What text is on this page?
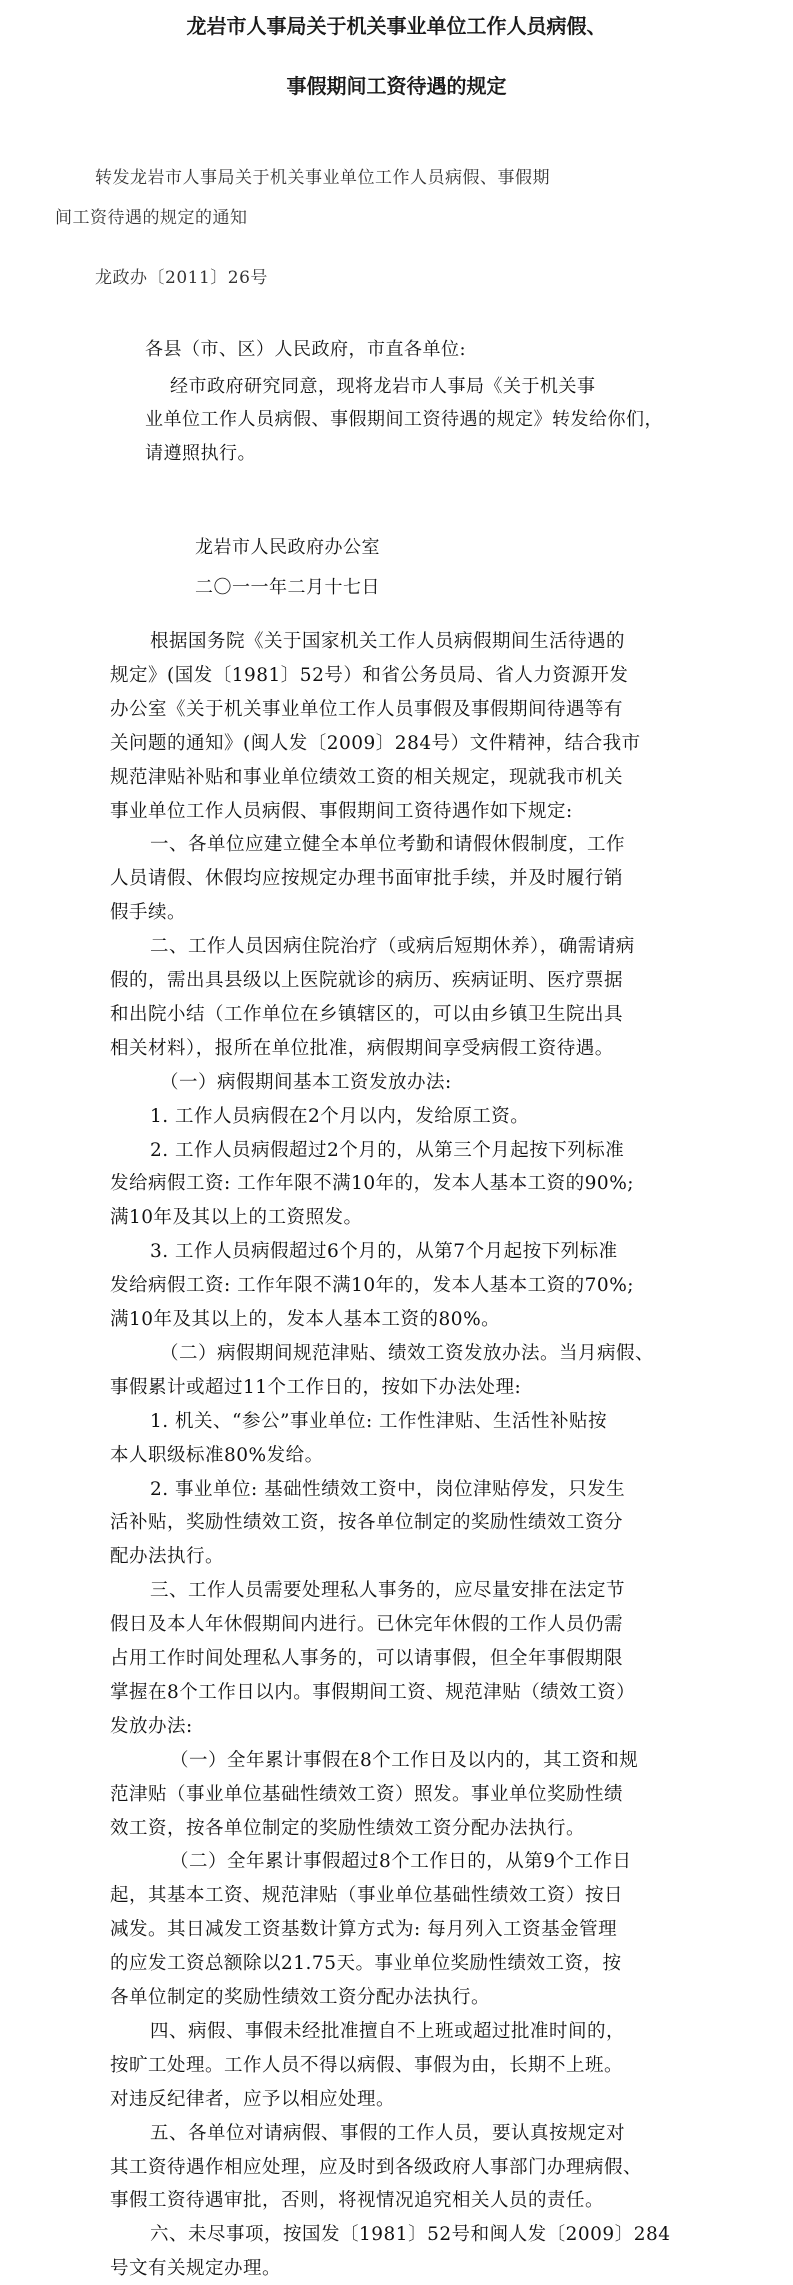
龙岩市人事局关于机关事业单位工作人员病假、
事假期间工资待遇的规定

转发龙岩市人事局关于机关事业单位工作人员病假、事假期

间工资待遇的规定的通知

龙政办〔2011〕26号

各县（市、区）人民政府，市直各单位:

经市政府研究同意，现将龙岩市人事局《关于机关事

业单位工作人员病假、事假期间工资待遇的规定》转发给你们，

请遵照执行。

龙岩市人民政府办公室

二〇一一年二月十七日

根据国务院《关于国家机关工作人员病假期间生活待遇的

规定》(国发〔1981〕52号）和省公务员局、省人力资源开发

办公室《关于机关事业单位工作人员事假及事假期间待遇等有

关问题的通知》(闽人发〔2009〕284号）文件精神，结合我市

规范津贴补贴和事业单位绩效工资的相关规定，现就我市机关

事业单位工作人员病假、事假期间工资待遇作如下规定:

一、各单位应建立健全本单位考勤和请假休假制度，工作

人员请假、休假均应按规定办理书面审批手续，并及时履行销

假手续。

二、工作人员因病住院治疗（或病后短期休养），确需请病

假的，需出具县级以上医院就诊的病历、疾病证明、医疗票据

和出院小结（工作单位在乡镇辖区的，可以由乡镇卫生院出具

相关材料），报所在单位批准，病假期间享受病假工资待遇。

（一）病假期间基本工资发放办法:

1. 工作人员病假在2个月以内，发给原工资。

2. 工作人员病假超过2个月的，从第三个月起按下列标准

发给病假工资: 工作年限不满10年的，发本人基本工资的90%;

满10年及其以上的工资照发。

3. 工作人员病假超过6个月的，从第7个月起按下列标准

发给病假工资: 工作年限不满10年的，发本人基本工资的70%;

满10年及其以上的，发本人基本工资的80%。

（二）病假期间规范津贴、绩效工资发放办法。当月病假、

事假累计或超过11个工作日的，按如下办法处理:

1. 机关、“参公”事业单位: 工作性津贴、生活性补贴按

本人职级标准80%发给。

2. 事业单位: 基础性绩效工资中，岗位津贴停发，只发生

活补贴，奖励性绩效工资，按各单位制定的奖励性绩效工资分

配办法执行。

三、工作人员需要处理私人事务的，应尽量安排在法定节

假日及本人年休假期间内进行。已休完年休假的工作人员仍需

占用工作时间处理私人事务的，可以请事假，但全年事假期限

掌握在8个工作日以内。事假期间工资、规范津贴（绩效工资）

发放办法:

（一）全年累计事假在8个工作日及以内的，其工资和规

范津贴（事业单位基础性绩效工资）照发。事业单位奖励性绩

效工资，按各单位制定的奖励性绩效工资分配办法执行。

（二）全年累计事假超过8个工作日的，从第9个工作日

起，其基本工资、规范津贴（事业单位基础性绩效工资）按日

减发。其日减发工资基数计算方式为: 每月列入工资基金管理

的应发工资总额除以21.75天。事业单位奖励性绩效工资，按

各单位制定的奖励性绩效工资分配办法执行。

四、病假、事假未经批准擅自不上班或超过批准时间的，

按旷工处理。工作人员不得以病假、事假为由，长期不上班。

对违反纪律者，应予以相应处理。

五、各单位对请病假、事假的工作人员，要认真按规定对

其工资待遇作相应处理，应及时到各级政府人事部门办理病假、

事假工资待遇审批，否则，将视情况追究相关人员的责任。

六、未尽事项，按国发〔1981〕52号和闽人发〔2009〕284

号文有关规定办理。
